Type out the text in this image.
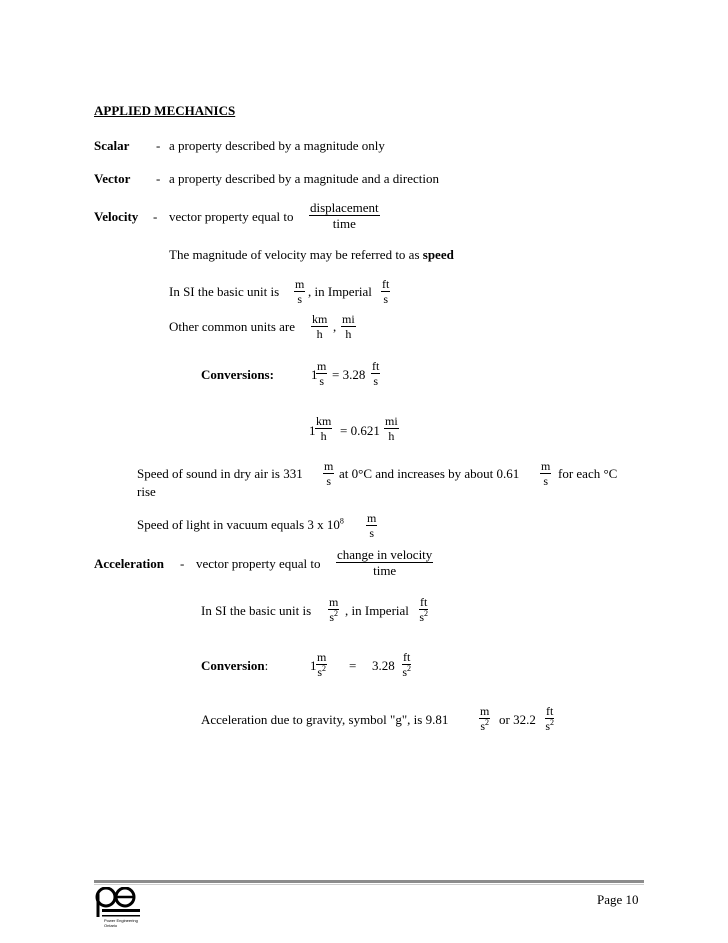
APPLIED MECHANICS
Scalar - a property described by a magnitude only
Vector - a property described by a magnitude and a direction
Velocity - vector property equal to
displacement
time
The magnitude of velocity may be referred to as speed
In SI the basic unit is $\frac{m}{s}$ , in Imperial $\frac{ft}{s}$
Other common units are $\frac{km}{h}$ , $\frac{mi}{h}$
Conversions:	1
$\frac{m}{s} = 3.28 \frac{ft}{s}$
$1 \frac{km}{h} = 0.621 \frac{mi}{h}$
Speed of sound in dry air is $331 \frac{m}{s}$ at 0°C and increases by about $0.61 \frac{m}{s}$ for each °C
rise
Speed of light in vacuum equals 3 x $10^8 \frac{m}{s}$
Acceleration - vector property equal to
change in velocity
time
In SI the basic unit is $\frac{m}{s^2}$ , in Imperial $\frac{ft}{s^2}$
Conversion:	$1 \frac{m}{s^2} = 3.28 \frac{ft}{s^2}$
Acceleration due to gravity, symbol "g", is 9.81	$\frac{m}{s^2}$ or $32.2 \frac{ft}{s^2}$
Power Engineering Ontario
Page 10
